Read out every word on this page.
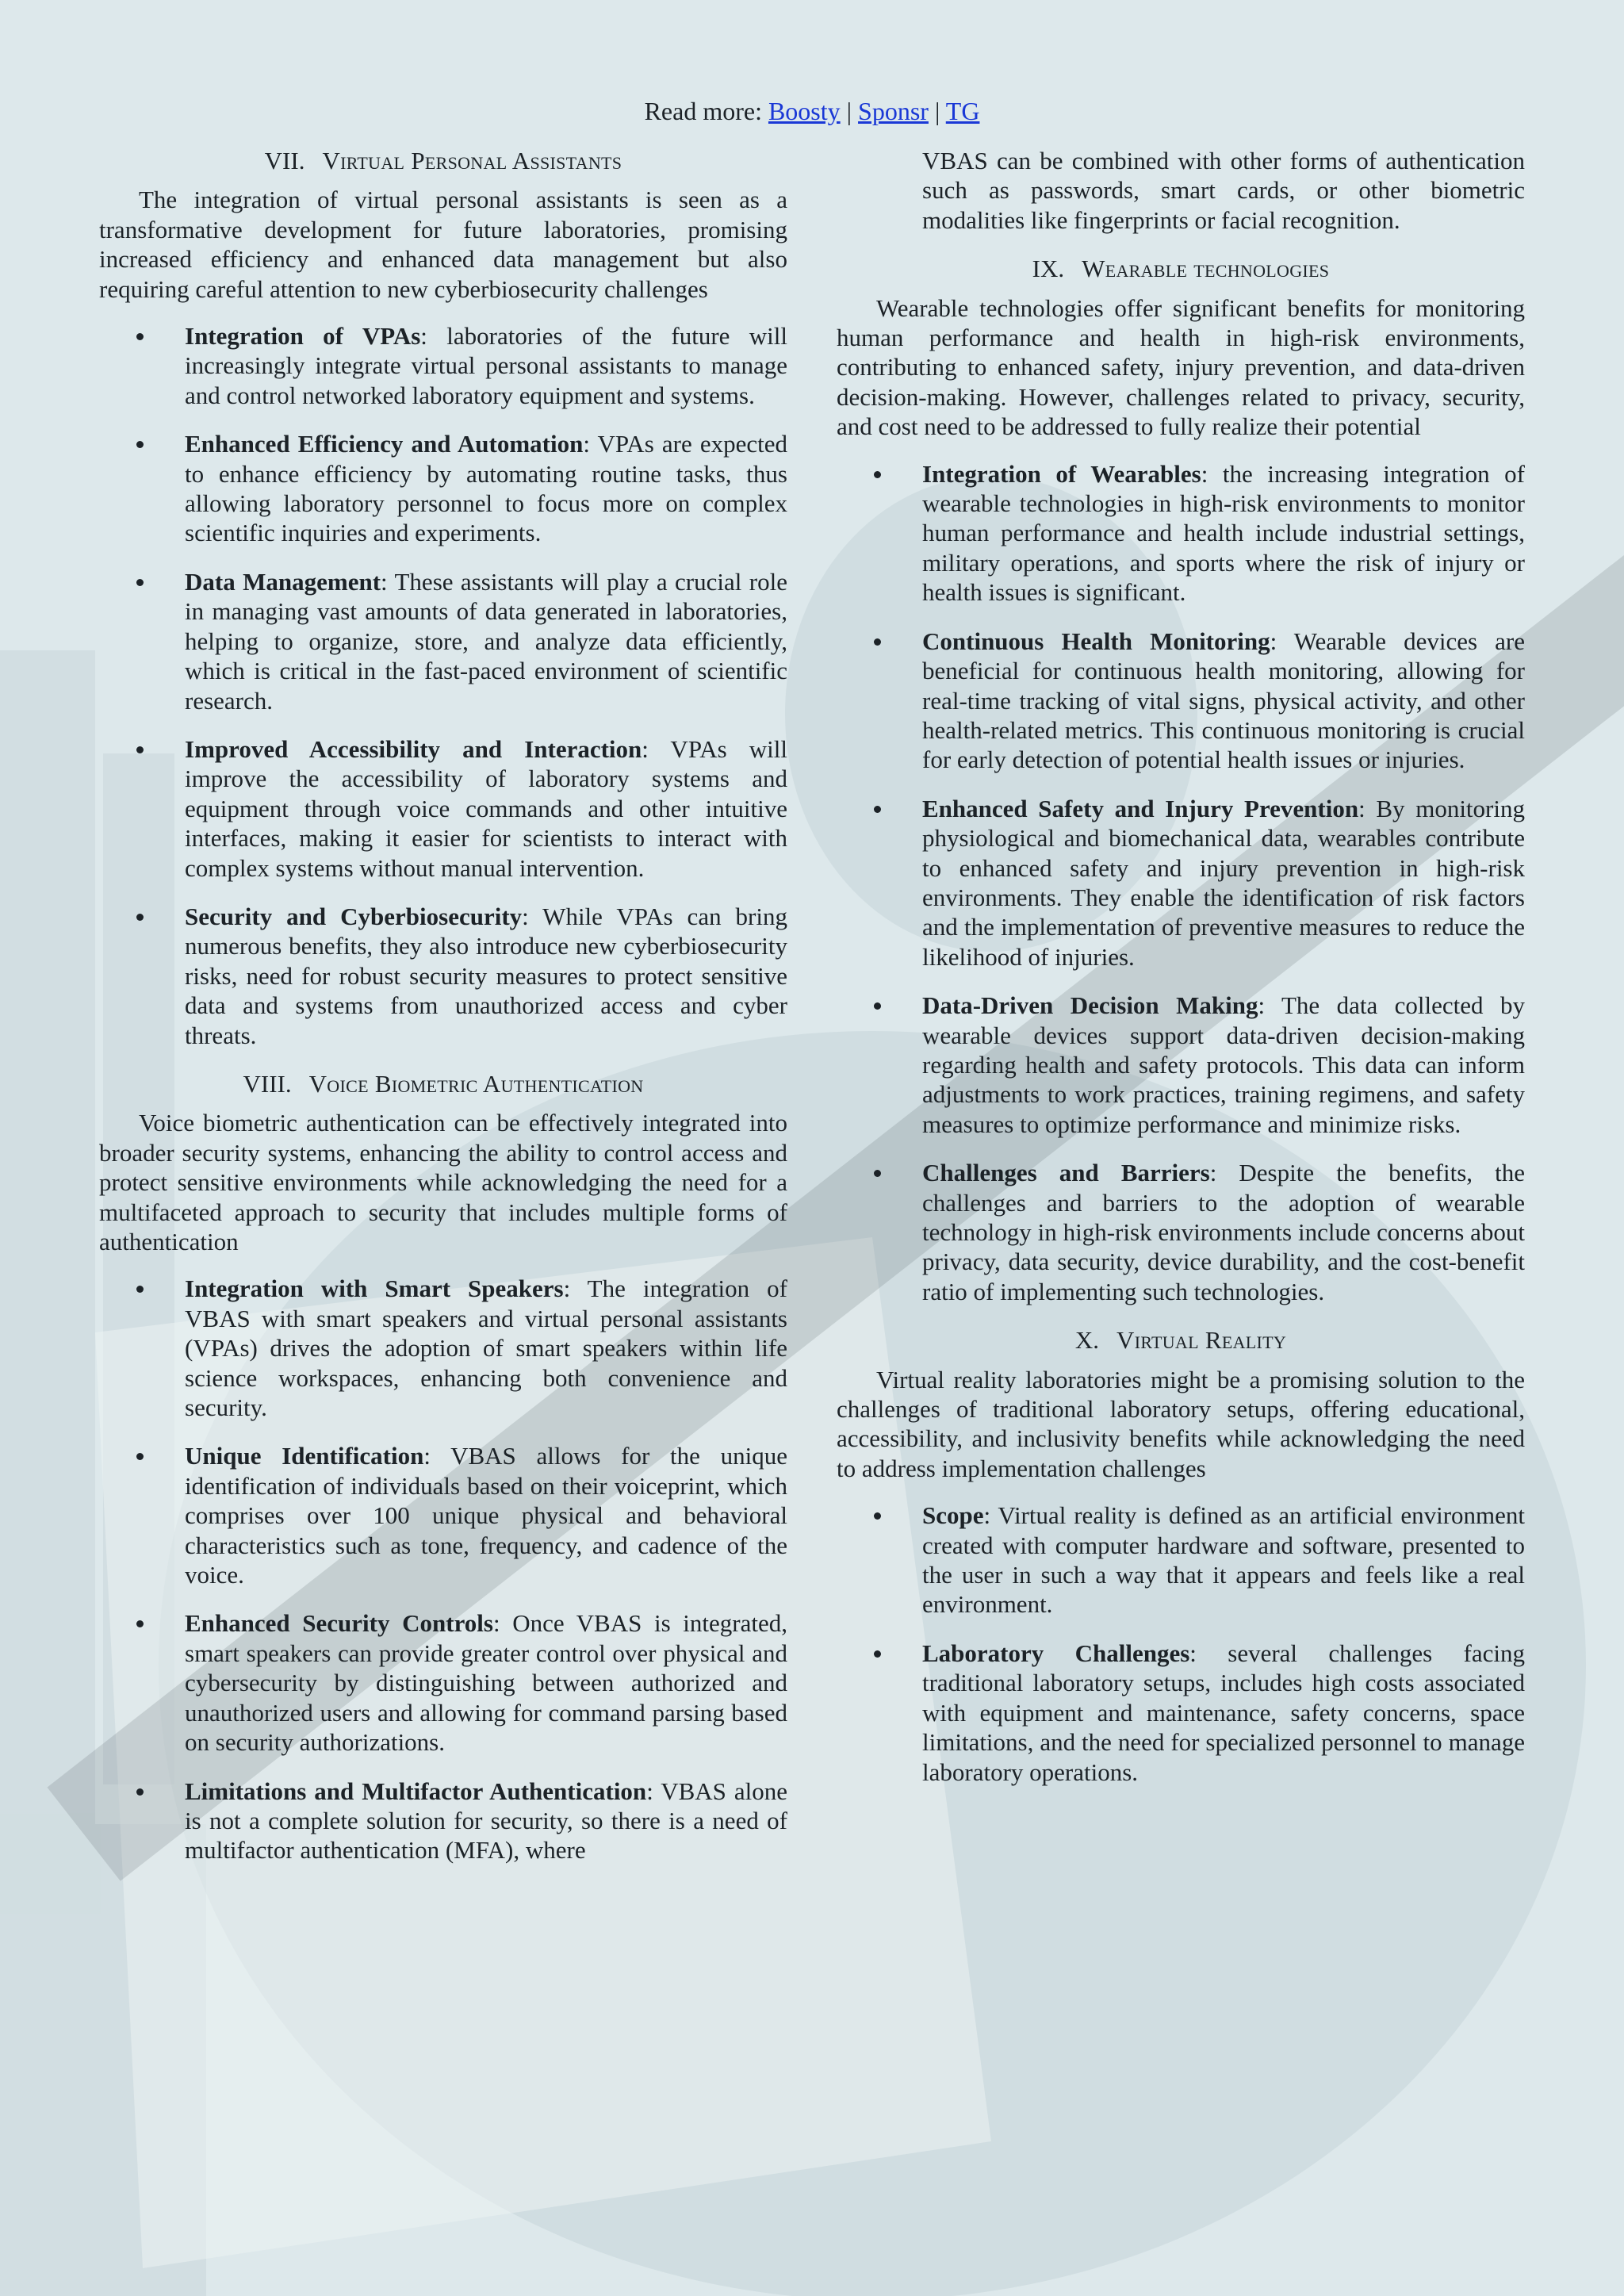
Read more: Boosty | Sponsr | TG
VII. Virtual Personal Assistants

The integration of virtual personal assistants is seen as a transformative development for future laboratories, promising increased efficiency and enhanced data management but also requiring careful attention to new cyberbiosecurity challenges

Integration of VPAs: laboratories of the future will increasingly integrate virtual personal assistants to manage and control networked laboratory equipment and systems.
Enhanced Efficiency and Automation: VPAs are expected to enhance efficiency by automating routine tasks, thus allowing laboratory personnel to focus more on complex scientific inquiries and experiments.
Data Management: These assistants will play a crucial role in managing vast amounts of data generated in laboratories, helping to organize, store, and analyze data efficiently, which is critical in the fast-paced environment of scientific research.
Improved Accessibility and Interaction: VPAs will improve the accessibility of laboratory systems and equipment through voice commands and other intuitive interfaces, making it easier for scientists to interact with complex systems without manual intervention.
Security and Cyberbiosecurity: While VPAs can bring numerous benefits, they also introduce new cyberbiosecurity risks, need for robust security measures to protect sensitive data and systems from unauthorized access and cyber threats.
VIII. Voice Biometric Authentication

Voice biometric authentication can be effectively integrated into broader security systems, enhancing the ability to control access and protect sensitive environments while acknowledging the need for a multifaceted approach to security that includes multiple forms of authentication

Integration with Smart Speakers: The integration of VBAS with smart speakers and virtual personal assistants (VPAs) drives the adoption of smart speakers within life science workspaces, enhancing both convenience and security.
Unique Identification: VBAS allows for the unique identification of individuals based on their voiceprint, which comprises over 100 unique physical and behavioral characteristics such as tone, frequency, and cadence of the voice.
Enhanced Security Controls: Once VBAS is integrated, smart speakers can provide greater control over physical and cybersecurity by distinguishing between authorized and unauthorized users and allowing for command parsing based on security authorizations.
Limitations and Multifactor Authentication: VBAS alone is not a complete solution for security, so there is a need of multifactor authentication (MFA), where

VBAS can be combined with other forms of authentication such as passwords, smart cards, or other biometric modalities like fingerprints or facial recognition.

IX. Wearable technologies

Wearable technologies offer significant benefits for monitoring human performance and health in high-risk environments, contributing to enhanced safety, injury prevention, and data-driven decision-making. However, challenges related to privacy, security, and cost need to be addressed to fully realize their potential

Integration of Wearables: the increasing integration of wearable technologies in high-risk environments to monitor human performance and health include industrial settings, military operations, and sports where the risk of injury or health issues is significant.
Continuous Health Monitoring: Wearable devices are beneficial for continuous health monitoring, allowing for real-time tracking of vital signs, physical activity, and other health-related metrics. This continuous monitoring is crucial for early detection of potential health issues or injuries.
Enhanced Safety and Injury Prevention: By monitoring physiological and biomechanical data, wearables contribute to enhanced safety and injury prevention in high-risk environments. They enable the identification of risk factors and the implementation of preventive measures to reduce the likelihood of injuries.
Data-Driven Decision Making: The data collected by wearable devices support data-driven decision-making regarding health and safety protocols. This data can inform adjustments to work practices, training regimens, and safety measures to optimize performance and minimize risks.
Challenges and Barriers: Despite the benefits, the challenges and barriers to the adoption of wearable technology in high-risk environments include concerns about privacy, data security, device durability, and the cost-benefit ratio of implementing such technologies.
X. Virtual Reality

Virtual reality laboratories might be a promising solution to the challenges of traditional laboratory setups, offering educational, accessibility, and inclusivity benefits while acknowledging the need to address implementation challenges

Scope: Virtual reality is defined as an artificial environment created with computer hardware and software, presented to the user in such a way that it appears and feels like a real environment.
Laboratory Challenges: several challenges facing traditional laboratory setups, includes high costs associated with equipment and maintenance, safety concerns, space limitations, and the need for specialized personnel to manage laboratory operations.
